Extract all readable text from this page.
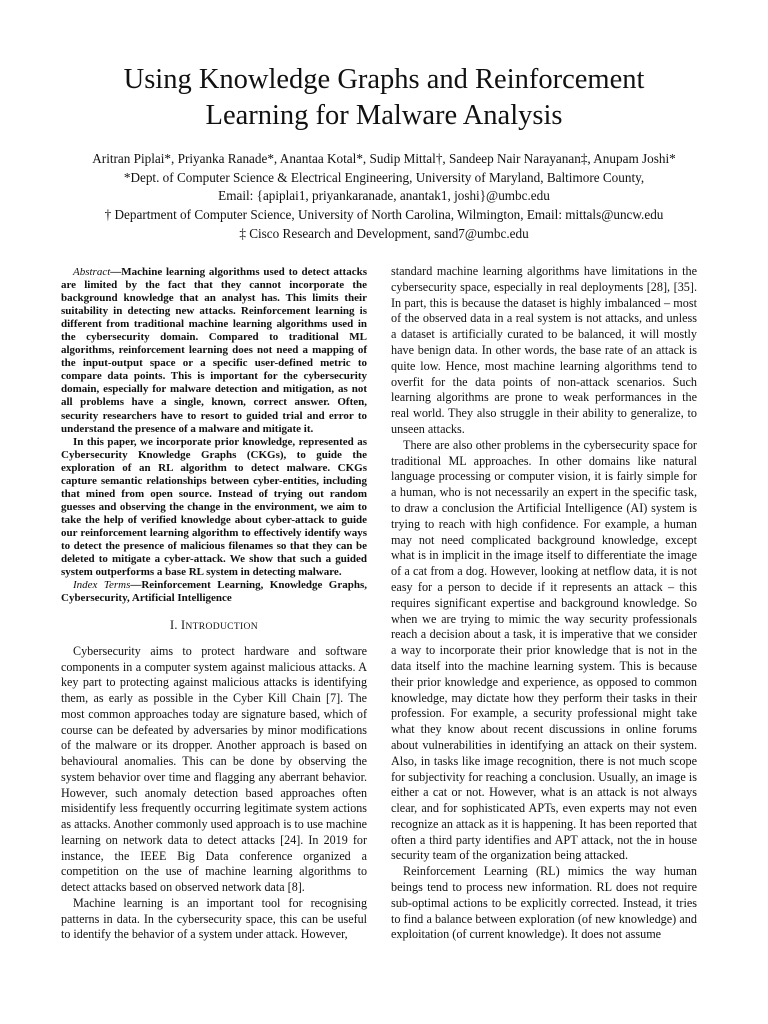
Using Knowledge Graphs and Reinforcement
Learning for Malware Analysis
Aritran Piplai*, Priyanka Ranade*, Anantaa Kotal*, Sudip Mittal†, Sandeep Nair Narayanan‡, Anupam Joshi*
*Dept. of Computer Science & Electrical Engineering, University of Maryland, Baltimore County,
Email: {apiplai1, priyankaranade, anantak1, joshi}@umbc.edu
† Department of Computer Science, University of North Carolina, Wilmington, Email: mittals@uncw.edu
‡ Cisco Research and Development, sand7@umbc.edu

Abstract—Machine learning algorithms used to detect attacks are limited by the fact that they cannot incorporate the background knowledge that an analyst has. This limits their suitability in detecting new attacks. Reinforcement learning is different from traditional machine learning algorithms used in the cybersecurity domain. Compared to traditional ML algorithms, reinforcement learning does not need a mapping of the input-output space or a specific user-defined metric to compare data points. This is important for the cybersecurity domain, especially for malware detection and mitigation, as not all problems have a single, known, correct answer. Often, security researchers have to resort to guided trial and error to understand the presence of a malware and mitigate it.

In this paper, we incorporate prior knowledge, represented as Cybersecurity Knowledge Graphs (CKGs), to guide the exploration of an RL algorithm to detect malware. CKGs capture semantic relationships between cyber-entities, including that mined from open source. Instead of trying out random guesses and observing the change in the environment, we aim to take the help of verified knowledge about cyber-attack to guide our reinforcement learning algorithm to effectively identify ways to detect the presence of malicious filenames so that they can be deleted to mitigate a cyber-attack. We show that such a guided system outperforms a base RL system in detecting malware.

Index Terms—Reinforcement Learning, Knowledge Graphs, Cybersecurity, Artificial Intelligence

I. INTRODUCTION

Cybersecurity aims to protect hardware and software components in a computer system against malicious attacks. A key part to protecting against malicious attacks is identifying them, as early as possible in the Cyber Kill Chain [7]. The most common approaches today are signature based, which of course can be defeated by adversaries by minor modifications of the malware or its dropper. Another approach is based on behavioural anomalies. This can be done by observing the system behavior over time and flagging any aberrant behavior. However, such anomaly detection based approaches often misidentify less frequently occurring legitimate system actions as attacks. Another commonly used approach is to use machine learning on network data to detect attacks [24]. In 2019 for instance, the IEEE Big Data conference organized a competition on the use of machine learning algorithms to detect attacks based on observed network data [8].

Machine learning is an important tool for recognising patterns in data. In the cybersecurity space, this can be useful to identify the behavior of a system under attack. However,

standard machine learning algorithms have limitations in the cybersecurity space, especially in real deployments [28], [35]. In part, this is because the dataset is highly imbalanced – most of the observed data in a real system is not attacks, and unless a dataset is artificially curated to be balanced, it will mostly have benign data. In other words, the base rate of an attack is quite low. Hence, most machine learning algorithms tend to overfit for the data points of non-attack scenarios. Such learning algorithms are prone to weak performances in the real world. They also struggle in their ability to generalize, to unseen attacks.

There are also other problems in the cybersecurity space for traditional ML approaches. In other domains like natural language processing or computer vision, it is fairly simple for a human, who is not necessarily an expert in the specific task, to draw a conclusion the Artificial Intelligence (AI) system is trying to reach with high confidence. For example, a human may not need complicated background knowledge, except what is in implicit in the image itself to differentiate the image of a cat from a dog. However, looking at netflow data, it is not easy for a person to decide if it represents an attack – this requires significant expertise and background knowledge. So when we are trying to mimic the way security professionals reach a decision about a task, it is imperative that we consider a way to incorporate their prior knowledge that is not in the data itself into the machine learning system. This is because their prior knowledge and experience, as opposed to common knowledge, may dictate how they perform their tasks in their profession. For example, a security professional might take what they know about recent discussions in online forums about vulnerabilities in identifying an attack on their system. Also, in tasks like image recognition, there is not much scope for subjectivity for reaching a conclusion. Usually, an image is either a cat or not. However, what is an attack is not always clear, and for sophisticated APTs, even experts may not even recognize an attack as it is happening. It has been reported that often a third party identifies and APT attack, not the in house security team of the organization being attacked.

Reinforcement Learning (RL) mimics the way human beings tend to process new information. RL does not require sub-optimal actions to be explicitly corrected. Instead, it tries to find a balance between exploration (of new knowledge) and exploitation (of current knowledge). It does not assume
